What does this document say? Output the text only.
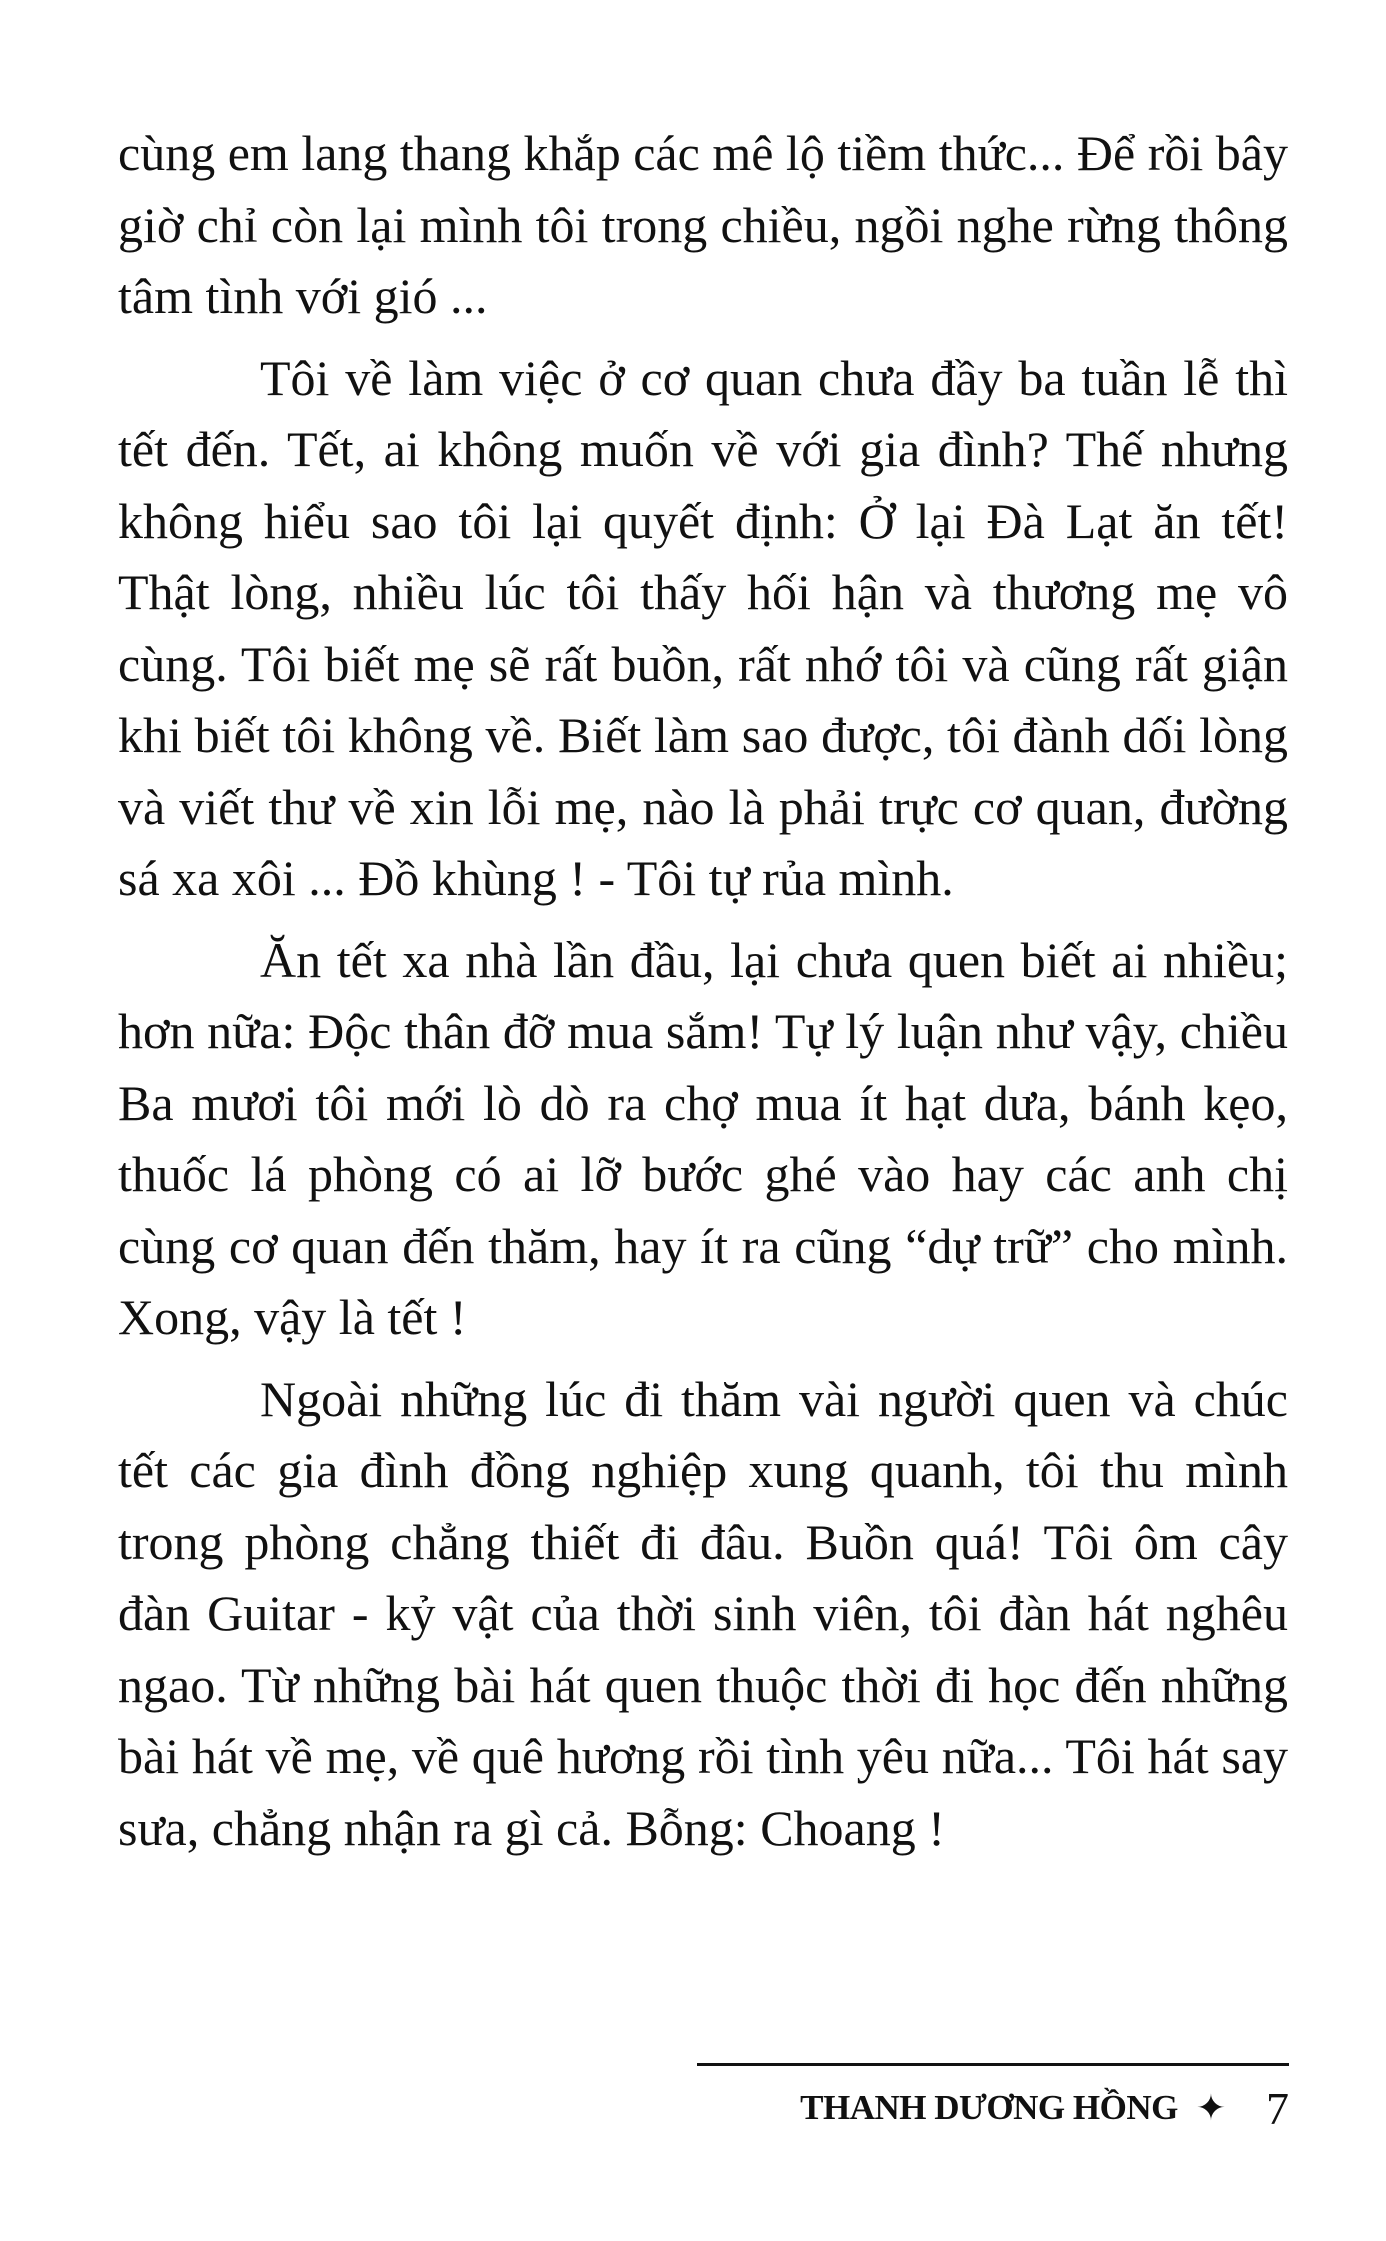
cùng em lang thang khắp các mê lộ tiềm thức... Để rồi bây giờ chỉ còn lại mình tôi trong chiều, ngồi nghe rừng thông tâm tình với gió ...

Tôi về làm việc ở cơ quan chưa đầy ba tuần lễ thì tết đến. Tết, ai không muốn về với gia đình? Thế nhưng không hiểu sao tôi lại quyết định: Ở lại Đà Lạt ăn tết! Thật lòng, nhiều lúc tôi thấy hối hận và thương mẹ vô cùng. Tôi biết mẹ sẽ rất buồn, rất nhớ tôi và cũng rất giận khi biết tôi không về. Biết làm sao được, tôi đành dối lòng và viết thư về xin lỗi mẹ, nào là phải trực cơ quan, đường sá xa xôi ... Đồ khùng ! - Tôi tự rủa mình.

Ăn tết xa nhà lần đầu, lại chưa quen biết ai nhiều; hơn nữa: Độc thân đỡ mua sắm! Tự lý luận như vậy, chiều Ba mươi tôi mới lò dò ra chợ mua ít hạt dưa, bánh kẹo, thuốc lá phòng có ai lỡ bước ghé vào hay các anh chị cùng cơ quan đến thăm, hay ít ra cũng “dự trữ” cho mình. Xong, vậy là tết !

Ngoài những lúc đi thăm vài người quen và chúc tết các gia đình đồng nghiệp xung quanh, tôi thu mình trong phòng chẳng thiết đi đâu. Buồn quá! Tôi ôm cây đàn Guitar - kỷ vật của thời sinh viên, tôi đàn hát nghêu ngao. Từ những bài hát quen thuộc thời đi học đến những bài hát về mẹ, về quê hương rồi tình yêu nữa... Tôi hát say sưa, chẳng nhận ra gì cả. Bỗng: Choang !

THANH DƯƠNG HỒNG ✦ 7
